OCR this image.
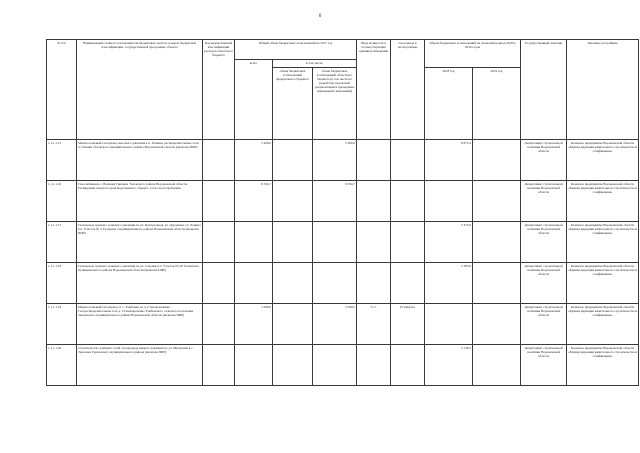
6
№ п/п	Наименование главного распорядителя бюджетных средств, раздела бюджетной классификации, государственной программы, объекта	Код ведомственной классификации расходов областного бюджета	Общий объем бюджетных ассигнований на 2017 год			Ввод мощности в соответствующих единицах измерения	Срок ввода в эксплуатацию	Объем бюджетных ассигнований на плановый период 2018 и 2019 годов		Государственный заказчик	Заказчик-застройщик
			всего	в том числе:							
				объем бюджетных ассигнований федерального бюджета	объем бюджетных ассигнований областного бюджета (в том числе на разработку проектной документации и проведение инженерных изысканий)			2018 год	2019 год		
1.1.1.1.15	Межпоселковый газопровод высокого давления к п. Осинки, распределительные сети п. Осинки Таловского муниципального района Воронежской области (включая ПИР)		5 209,0		5 209,0			8 075,4		Департамент строительной политики Воронежской области	Казенное предприятие Воронежской области «Единая дирекция капитального строительства и газификации»
1.1.1.1.16	Газоснабжение с. Верхняя Тишанка Таловского района Воронежской области. Расширение опасного производственного объекта. Сеть газопотребления		8 334,7		8 334,7					Департамент строительной политики Воронежской области	Казенное предприятие Воронежской области «Единая дирекция капитального строительства и газификации»
1.1.1.1.17	Газопровод среднего и низкого давления по ул. Центральная, ул. Дорожная, ул. Ленина в п. Участок № 4 Таловского муниципального района Воронежской области (включая ПИР)							5 372,0		Департамент строительной политики Воронежской области	Казенное предприятие Воронежской области «Единая дирекция капитального строительства и газификации»
1.1.1.1.18	Газопровод среднего и низкого давления по ул. Садовая в п. Участок № 26 Таловского муниципального района Воронежской области (включая ПИР)							2 363,9		Департамент строительной политики Воронежской области	Казенное предприятие Воронежской области «Единая дирекция капитального строительства и газификации»
1.1.1.1.19	Межпоселковый газопровод от с. Тамбовка до д. Становореченка. Газораспределительная сеть д. Становореченка Тамбовского сельского поселения Терновского муниципального района Воронежской области (включая ПИР)		3 590,0		3 590,0	5,17	IV квартал			Департамент строительной политики Воронежской области	Казенное предприятие Воронежской области «Единая дирекция капитального строительства и газификации»
1.1.1.1.20	Строительство уличных сетей газопровода низкого давления по ул. Мичурина в с. Терновка Терновского муниципального района (включая ПИР)							2 136,5		Департамент строительной политики Воронежской области	Казенное предприятие Воронежской области «Единая дирекция капитального строительства и газификации»
